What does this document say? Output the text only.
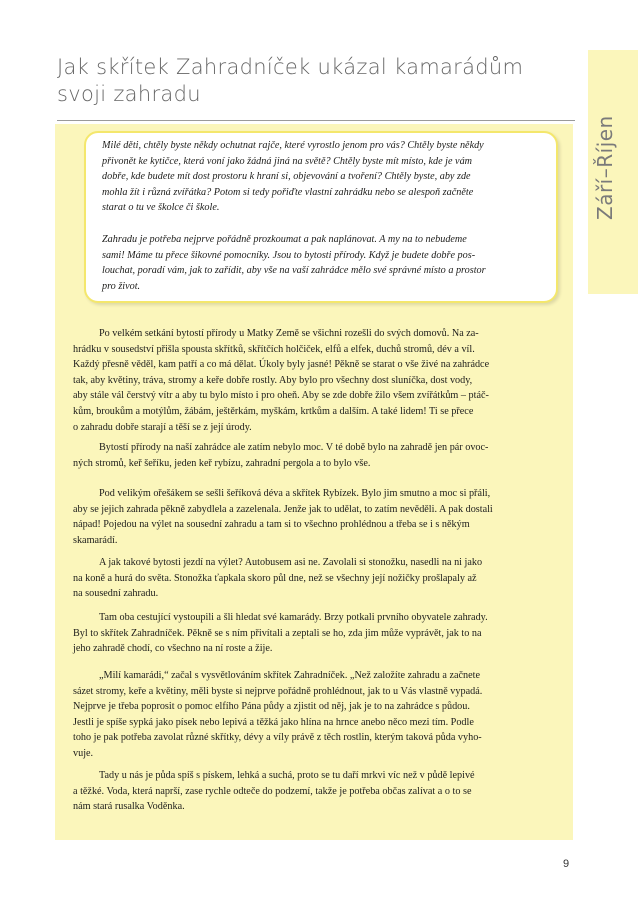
Září–Říjen
Jak skřítek Zahradníček ukázal kamarádům
svoji zahradu

Milé děti, chtěly byste někdy ochutnat rajče, které vyrostlo jenom pro vás? Chtěly byste někdy
přivonět ke kytičce, která voní jako žádná jiná na světě? Chtěly byste mít místo, kde je vám
dobře, kde budete mít dost prostoru k hraní si, objevování a tvoření? Chtěly byste, aby zde
mohla žít i různá zvířátka? Potom si tedy pořiďte vlastní zahrádku nebo se alespoň začněte
starat o tu ve školce či škole.

Zahradu je potřeba nejprve pořádně prozkoumat a pak naplánovat. A my na to nebudeme
sami! Máme tu přece šikovné pomocníky. Jsou to bytosti přírody. Když je budete dobře pos-
louchat, poradí vám, jak to zařídit, aby vše na vaší zahrádce mělo své správné místo a prostor
pro život.

Po velkém setkání bytostí přírody u Matky Země se všichni rozešli do svých domovů. Na za-
hrádku v sousedství přišla spousta skřítků, skřítčích holčiček, elfů a elfek, duchů stromů, dév a víl.
Každý přesně věděl, kam patří a co má dělat. Úkoly byly jasné! Pěkně se starat o vše živé na zahrádce
tak, aby květiny, tráva, stromy a keře dobře rostly. Aby bylo pro všechny dost sluníčka, dost vody,
aby stále vál čerstvý vítr a aby tu bylo místo i pro oheň. Aby se zde dobře žilo všem zvířátkům – ptáč-
kům, broukům a motýlům, žábám, ještěrkám, myškám, krtkům a dalším. A také lidem! Ti se přece
o zahradu dobře starají a těší se z její úrody.

Bytostí přírody na naší zahrádce ale zatím nebylo moc. V té době bylo na zahradě jen pár ovoc-
ných stromů, keř šeříku, jeden keř rybízu, zahradní pergola a to bylo vše.

Pod velikým ořešákem se sešli šeříková déva a skřítek Rybízek. Bylo jim smutno a moc si přáli,
aby se jejich zahrada pěkně zabydlela a zazelenala. Jenže jak to udělat, to zatím nevěděli. A pak dostali
nápad! Pojedou na výlet na sousední zahradu a tam si to všechno prohlédnou a třeba se i s někým
skamarádí.

A jak takové bytosti jezdí na výlet? Autobusem asi ne. Zavolali si stonožku, nasedli na ni jako
na koně a hurá do světa. Stonožka ťapkala skoro půl dne, než se všechny její nožičky prošlapaly až
na sousední zahradu.

Tam oba cestující vystoupili a šli hledat své kamarády. Brzy potkali prvního obyvatele zahrady.
Byl to skřítek Zahradníček. Pěkně se s ním přivítali a zeptali se ho, zda jim může vyprávět, jak to na
jeho zahradě chodí, co všechno na ní roste a žije.

„Milí kamarádi,“ začal s vysvětlováním skřítek Zahradníček. „Než založíte zahradu a začnete
sázet stromy, keře a květiny, měli byste si nejprve pořádně prohlédnout, jak to u Vás vlastně vypadá.
Nejprve je třeba poprosit o pomoc elfího Pána půdy a zjistit od něj, jak je to na zahrádce s půdou.
Jestli je spíše sypká jako písek nebo lepivá a těžká jako hlína na hrnce anebo něco mezi tím. Podle
toho je pak potřeba zavolat různé skřítky, dévy a víly právě z těch rostlin, kterým taková půda vyho-
vuje.

Tady u nás je půda spíš s pískem, lehká a suchá, proto se tu daří mrkvi víc než v půdě lepivé
a těžké. Voda, která naprší, zase rychle odteče do podzemí, takže je potřeba občas zalívat a o to se
nám stará rusalka Voděnka.

9
